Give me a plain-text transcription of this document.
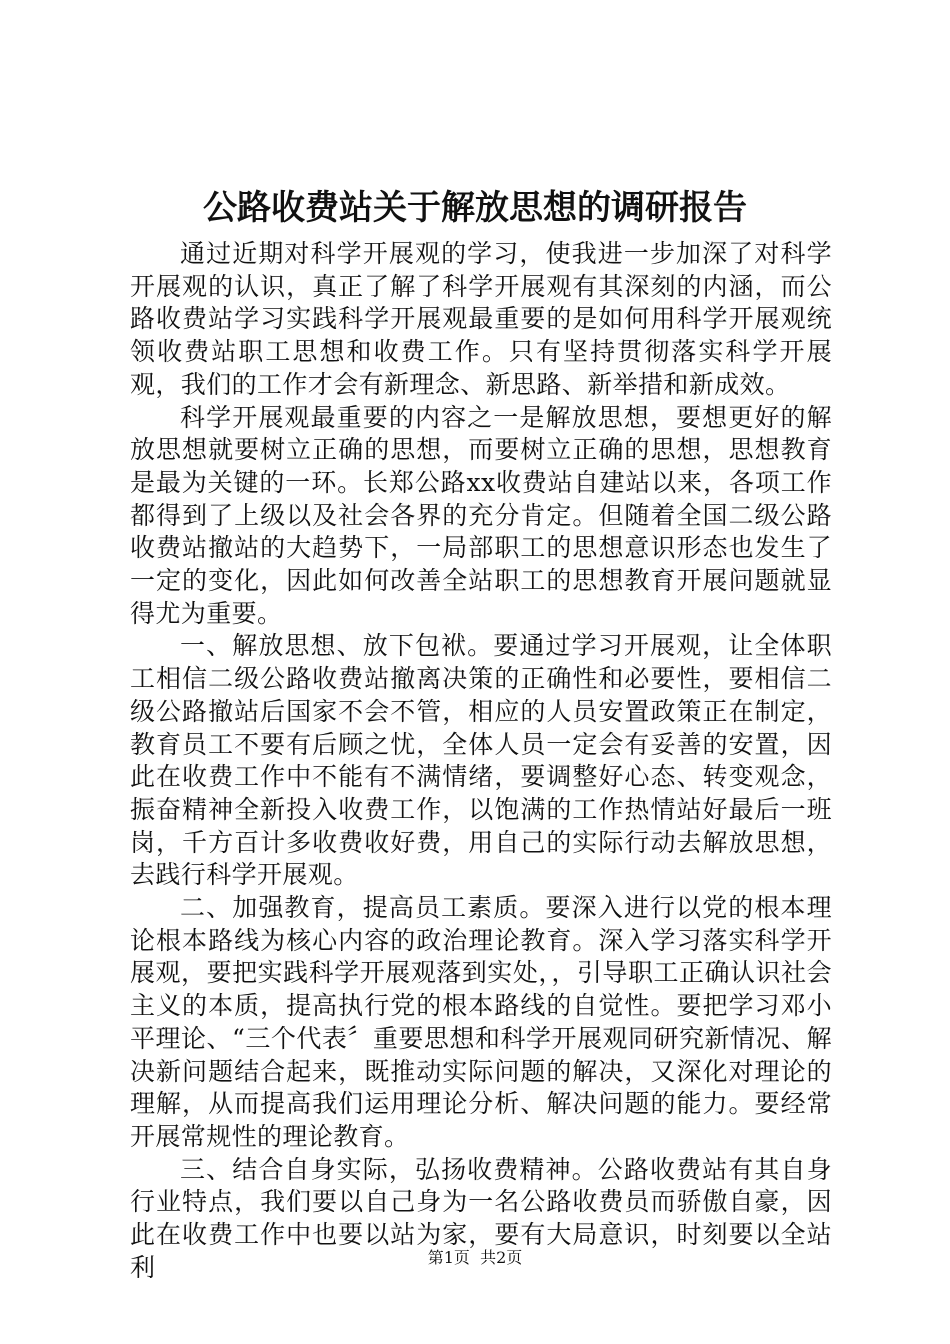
公路收费站关于解放思想的调研报告

通过近期对科学开展观的学习，使我进一步加深了对科学开展观的认识，真正了解了科学开展观有其深刻的内涵，而公路收费站学习实践科学开展观最重要的是如何用科学开展观统领收费站职工思想和收费工作。只有坚持贯彻落实科学开展观，我们的工作才会有新理念、新思路、新举措和新成效。

科学开展观最重要的内容之一是解放思想，要想更好的解放思想就要树立正确的思想，而要树立正确的思想，思想教育是最为关键的一环。长郑公路xx收费站自建站以来，各项工作都得到了上级以及社会各界的充分肯定。但随着全国二级公路收费站撤站的大趋势下，一局部职工的思想意识形态也发生了一定的变化，因此如何改善全站职工的思想教育开展问题就显得尤为重要。

一、解放思想、放下包袱。要通过学习开展观，让全体职工相信二级公路收费站撤离决策的正确性和必要性，要相信二级公路撤站后国家不会不管，相应的人员安置政策正在制定，教育员工不要有后顾之忧，全体人员一定会有妥善的安置，因此在收费工作中不能有不满情绪，要调整好心态、转变观念，振奋精神全新投入收费工作，以饱满的工作热情站好最后一班岗，千方百计多收费收好费，用自己的实际行动去解放思想，去践行科学开展观。

二、加强教育，提高员工素质。要深入进行以党的根本理论根本路线为核心内容的政治理论教育。深入学习落实科学开展观，要把实践科学开展观落到实处，，引导职工正确认识社会主义的本质，提高执行党的根本路线的自觉性。要把学习邓小平理论、“三个代表〞重要思想和科学开展观同研究新情况、解决新问题结合起来，既推动实际问题的解决，又深化对理论的理解，从而提高我们运用理论分析、解决问题的能力。要经常开展常规性的理论教育。

三、结合自身实际，弘扬收费精神。公路收费站有其自身行业特点，我们要以自己身为一名公路收费员而骄傲自豪，因此在收费工作中也要以站为家，要有大局意识，时刻要以全站利	第1页  共2页
